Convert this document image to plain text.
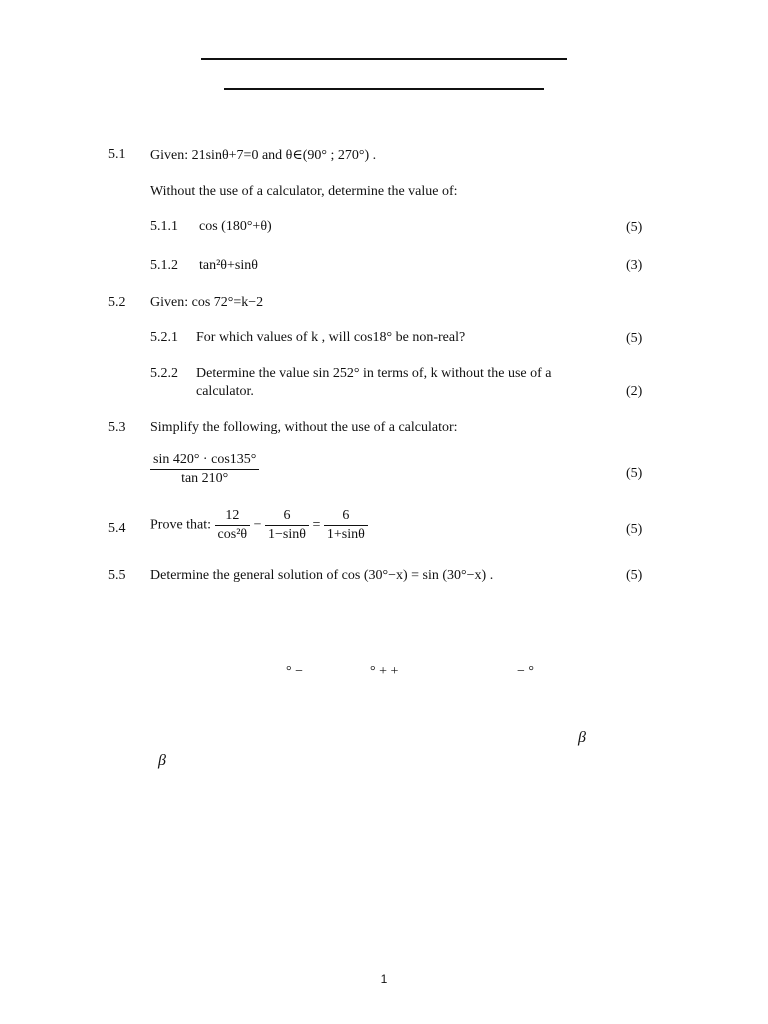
5.1 Given: 21sinθ+7=0 and θ∈(90° ; 270°) .
Without the use of a calculator, determine the value of:
5.1.1 cos (180°+θ)	(5)
5.1.2 tan²θ+sinθ	(3)
5.2 Given: cos 72°=k−2
5.2.1 For which values of k , will cos18° be non-real?	(5)
5.2.2 Determine the value sin 252° in terms of, k without the use of a
calculator.	(2)
5.3 Simplify the following, without the use of a calculator:
$\frac{\sin 420^\circ \cdot \cos 135^\circ}{\tan 210^\circ}$	(5)
5.4 Prove that: $\frac{12}{\text{cos²θ}} - \frac{6}{1-\sin\theta} = \frac{6}{1+\sin\theta}$	(5)
5.5 Determine the general solution of cos (30°−x) = sin (30°−x) .	(5)
° −	° + +	− °
β
β
1
